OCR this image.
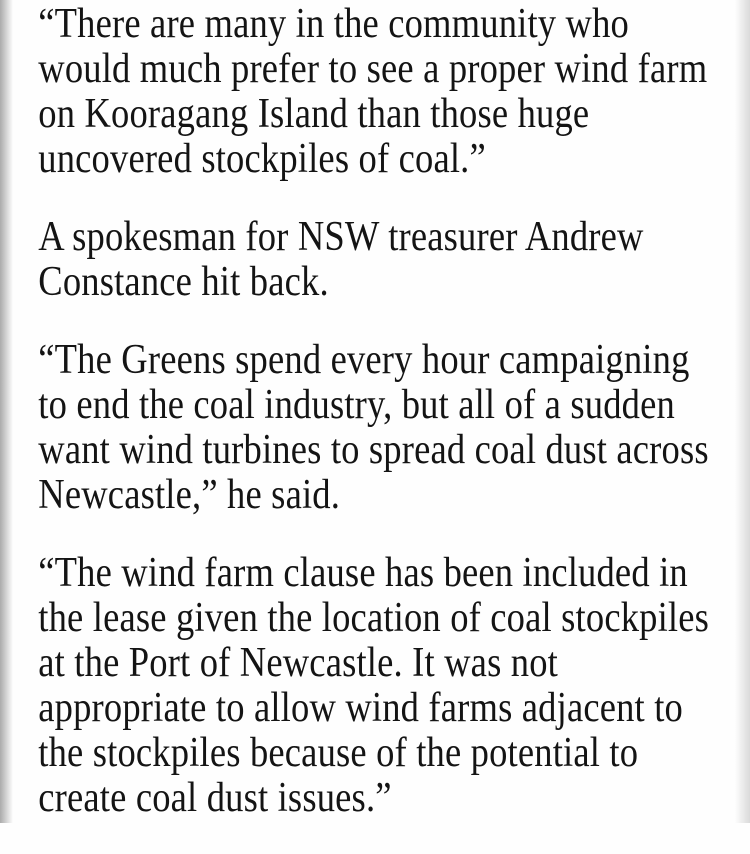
“There are many in the community who
would much prefer to see a proper wind farm
on Kooragang Island than those huge
uncovered stockpiles of coal.”
A spokesman for NSW treasurer Andrew
Constance hit back.
“The Greens spend every hour campaigning
to end the coal industry, but all of a sudden
want wind turbines to spread coal dust across
Newcastle,” he said.
“The wind farm clause has been included in
the lease given the location of coal stockpiles
at the Port of Newcastle. It was not
appropriate to allow wind farms adjacent to
the stockpiles because of the potential to
create coal dust issues.”
